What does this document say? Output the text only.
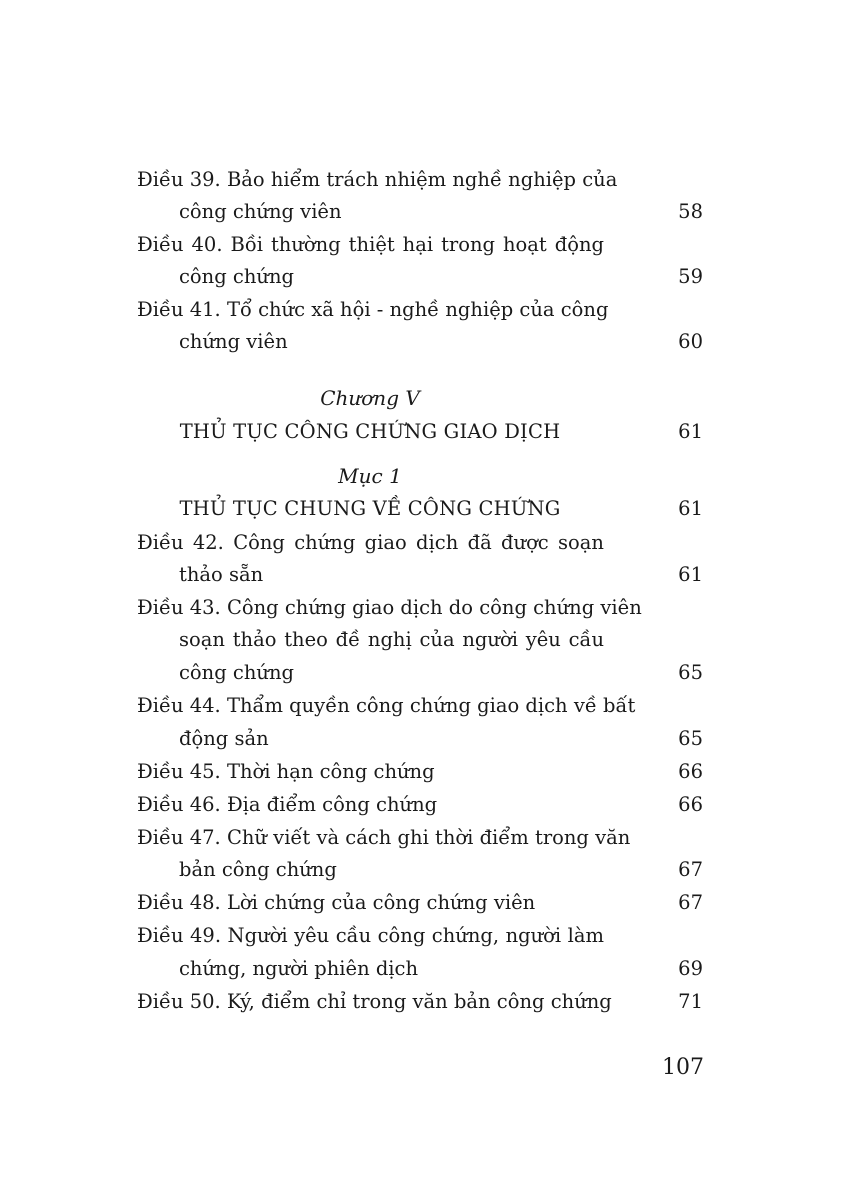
Điều 39. Bảo hiểm trách nhiệm nghề nghiệp của
công chứng viên	58
Điều 40. Bồi thường thiệt hại trong hoạt động
công chứng	59
Điều 41. Tổ chức xã hội - nghề nghiệp của công
chứng viên	60
Chương V
THỦ TỤC CÔNG CHỨNG GIAO DỊCH	61
Mục 1
THỦ TỤC CHUNG VỀ CÔNG CHỨNG	61
Điều 42. Công chứng giao dịch đã được soạn
thảo sẵn	61
Điều 43. Công chứng giao dịch do công chứng viên
soạn thảo theo đề nghị của người yêu cầu
công chứng	65
Điều 44. Thẩm quyền công chứng giao dịch về bất
động sản	65
Điều 45. Thời hạn công chứng	66
Điều 46. Địa điểm công chứng	66
Điều 47. Chữ viết và cách ghi thời điểm trong văn
bản công chứng	67
Điều 48. Lời chứng của công chứng viên	67
Điều 49. Người yêu cầu công chứng, người làm
chứng, người phiên dịch	69
Điều 50. Ký, điểm chỉ trong văn bản công chứng	71
107
